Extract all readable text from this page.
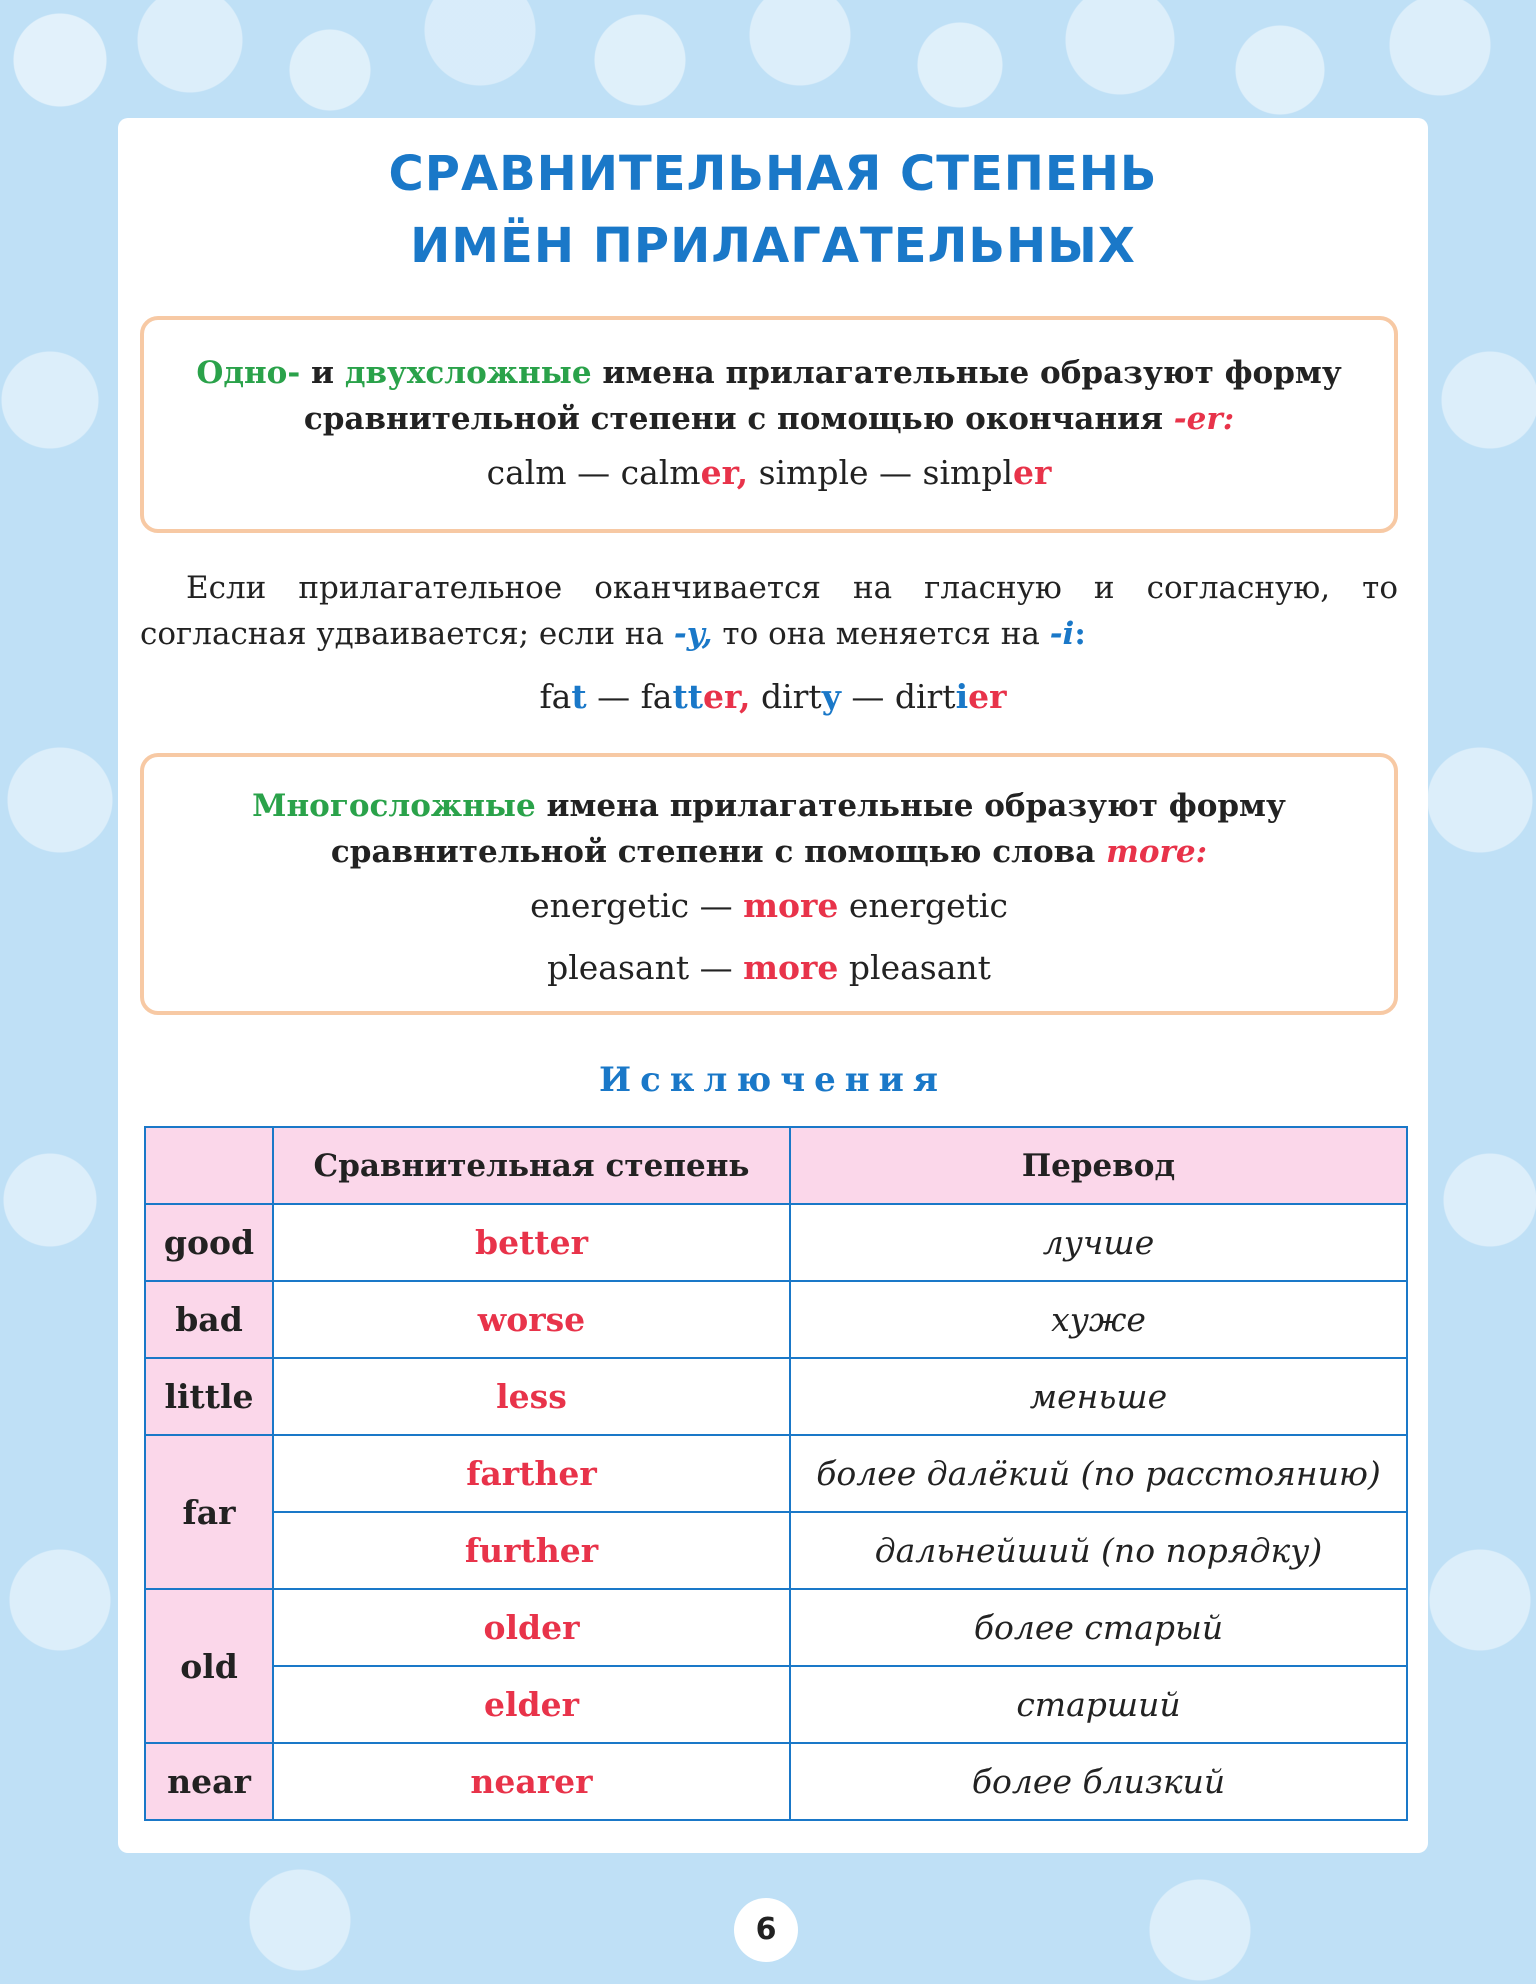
СРАВНИТЕЛЬНАЯ СТЕПЕНЬ
ИМЁН ПРИЛАГАТЕЛЬНЫХ

Одно- и двухсложные имена прилагательные образуют форму сравнительной степени с помощью окончания -er:

calm — calmer, simple — simpler

Если прилагательное оканчивается на гласную и согласную, то согласная удваивается; если на -y, то она меняется на -i:

fat — fatter, dirty — dirtier

Многосложные имена прилагательные образуют форму сравнительной степени с помощью слова more:

energetic — more energetic

pleasant — more pleasant

Исключения
	Сравнительная степень	Перевод
good	better	лучше
bad	worse	хуже
little	less	меньше
far	farther	более далёкий (по расстоянию)
	further	дальнейший (по порядку)
old	older	более старый
	elder	старший
near	nearer	более близкий
6
